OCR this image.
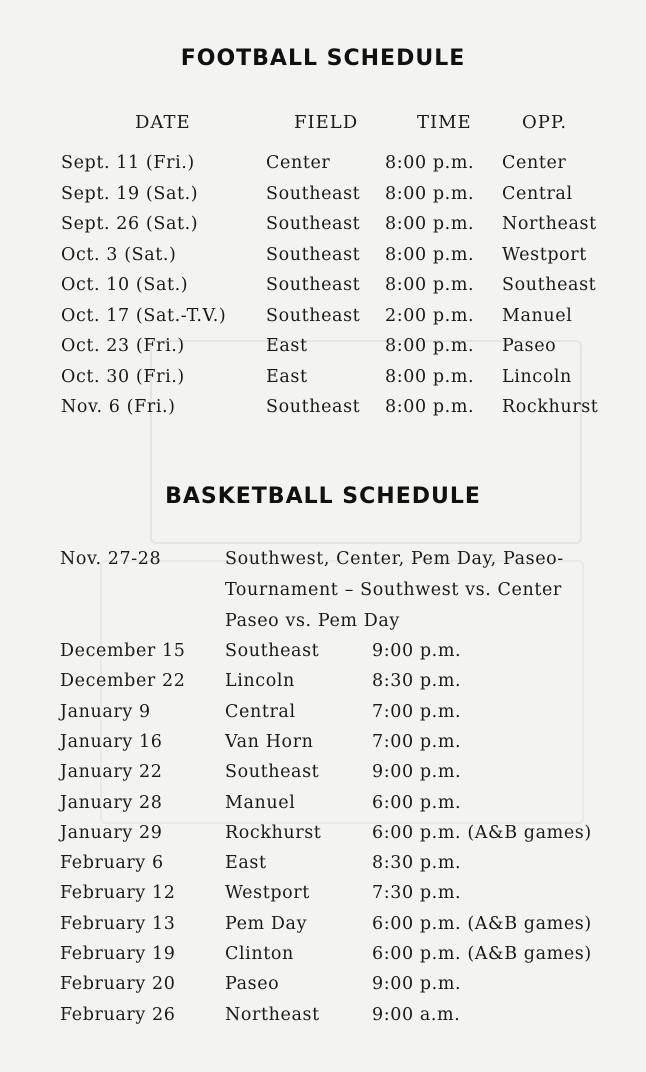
FOOTBALL SCHEDULE
DATE	FIELD	TIME	OPP.
Sept. 11 (Fri.)	Center	8:00 p.m. Center
Sept. 19 (Sat.)	Southeast 8:00 p.m. Central
Sept. 26 (Sat.)	Southeast 8:00 p.m. Northeast
Oct. 3 (Sat.)	Southeast 8:00 p.m. Westport
Oct. 10 (Sat.)	Southeast 8:00 p.m. Southeast
Oct. 17 (Sat.-T.V.) Southeast 2:00 p.m. Manuel
Oct. 23 (Fri.)	East	8:00 p.m. Paseo
Oct. 30 (Fri.)	East	8:00 p.m. Lincoln
Nov. 6 (Fri.)	Southeast 8:00 p.m. Rockhurst
BASKETBALL SCHEDULE
Nov. 27-28	Southwest, Center, Pem Day, Paseo-
Tournament – Southwest vs. Center
Paseo vs. Pem Day
December 15 Southeast	9:00 p.m.
December 22 Lincoln	8:30 p.m.
January 9	Central	7:00 p.m.
January 16	Van Horn	7:00 p.m.
January 22	Southeast	9:00 p.m.
January 28	Manuel	6:00 p.m.
January 29	Rockhurst	6:00 p.m. (A&B games)
February 6	East	8:30 p.m.
February 12	Westport	7:30 p.m.
February 13	Pem Day	6:00 p.m. (A&B games)
February 19	Clinton	6:00 p.m. (A&B games)
February 20	Paseo	9:00 p.m.
February 26	Northeast	9:00 a.m.
